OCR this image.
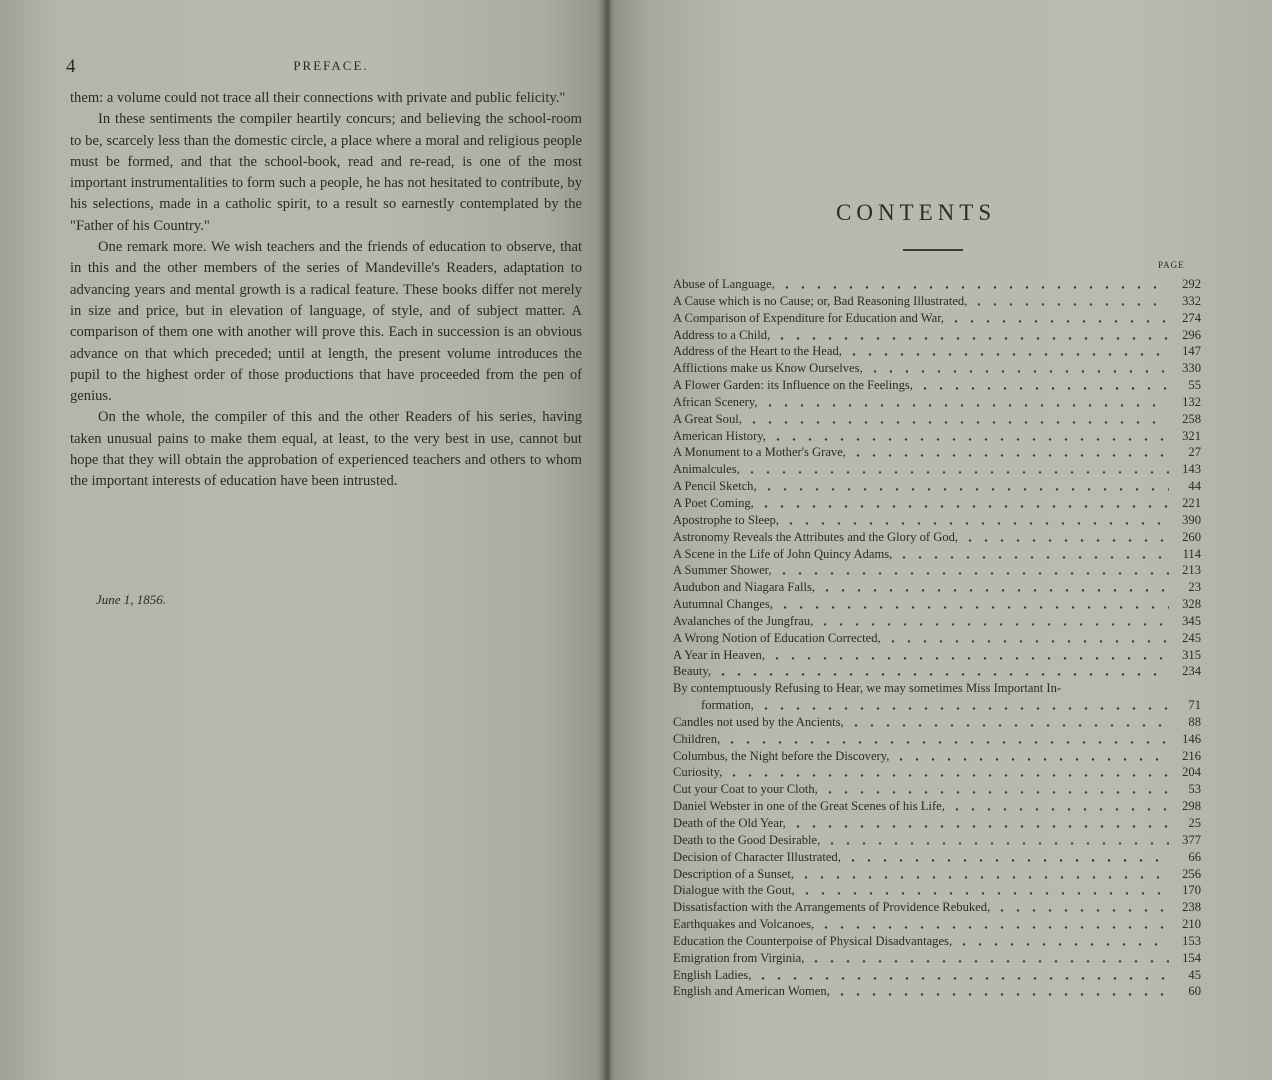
4	PREFACE.

them: a volume could not trace all their connections with private and public felicity."

In these sentiments the compiler heartily concurs; and believing the school-room to be, scarcely less than the domestic circle, a place where a moral and religious people must be formed, and that the school-book, read and re-read, is one of the most important instrumentalities to form such a people, he has not hesitated to contribute, by his selections, made in a catholic spirit, to a result so earnestly contemplated by the "Father of his Country."

One remark more. We wish teachers and the friends of education to observe, that in this and the other members of the series of Mandeville's Readers, adaptation to advancing years and mental growth is a radical feature. These books differ not merely in size and price, but in elevation of language, of style, and of subject matter. A comparison of them one with another will prove this. Each in succession is an obvious advance on that which preceded; until at length, the present volume introduces the pupil to the highest order of those productions that have proceeded from the pen of genius.

On the whole, the compiler of this and the other Readers of his series, having taken unusual pains to make them equal, at least, to the very best in use, cannot but hope that they will obtain the approbation of experienced teachers and others to whom the important interests of education have been intrusted.

June 1, 1856.
CONTENTS
PAGE
Abuse of Language,	292
A Cause which is no Cause; or, Bad Reasoning Illustrated,	332
A Comparison of Expenditure for Education and War,	274
Address to a Child,	296
Address of the Heart to the Head,	147
Afflictions make us Know Ourselves,	330
A Flower Garden: its Influence on the Feelings,	55
African Scenery,	132
A Great Soul,	258
American History,	321
A Monument to a Mother's Grave,	27
Animalcules,	143
A Pencil Sketch,	44
A Poet Coming,	221
Apostrophe to Sleep,	390
Astronomy Reveals the Attributes and the Glory of God,	260
A Scene in the Life of John Quincy Adams,	114
A Summer Shower,	213
Audubon and Niagara Falls,	23
Autumnal Changes,	328
Avalanches of the Jungfrau,	345
A Wrong Notion of Education Corrected,	245
A Year in Heaven,	315
Beauty,	234
By contemptuously Refusing to Hear, we may sometimes Miss Important In-
formation,	71
Candles not used by the Ancients,	88
Children,	146
Columbus, the Night before the Discovery,	216
Curiosity,	204
Cut your Coat to your Cloth,	53
Daniel Webster in one of the Great Scenes of his Life,	298
Death of the Old Year,	25
Death to the Good Desirable,	377
Decision of Character Illustrated,	66
Description of a Sunset,	256
Dialogue with the Gout,	170
Dissatisfaction with the Arrangements of Providence Rebuked,	238
Earthquakes and Volcanoes,	210
Education the Counterpoise of Physical Disadvantages,	153
Emigration from Virginia,	154
English Ladies,	45
English and American Women,	60
